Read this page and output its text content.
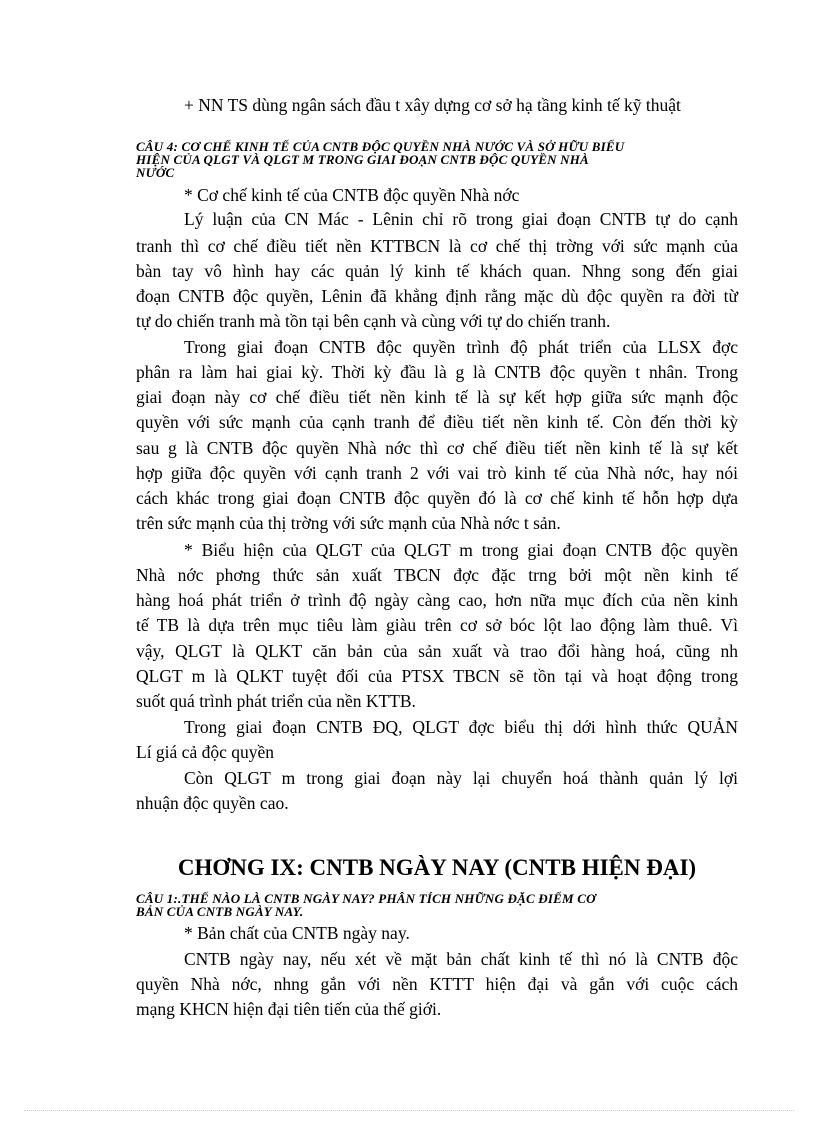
+ NN TS dùng ngân sách đầu t xây dựng cơ sở hạ tầng kinh tế kỹ thuật
CÂU 4: CƠ CHẾ KINH TẾ CỦA CNTB ĐỘC QUYỀN NHÀ NƯỚC VÀ SỞ HỮU BIỂU
HIỆN CỦA QLGT VÀ QLGT M TRONG GIAI ĐOẠN CNTB ĐỘC QUYỀN NHÀ
NƯỚC
* Cơ chế kinh tế của CNTB độc quyền Nhà nớc
Lý luận của CN Mác - Lênin chỉ rõ trong giai đoạn CNTB tự do cạnh
tranh thì cơ chế điều tiết nền KTTBCN là cơ chế thị trờng với sức mạnh của
bàn tay vô hình hay các quản lý kinh tế khách quan. Nhng song đến giai
đoạn CNTB độc quyền, Lênin đã khẳng định rằng mặc dù độc quyền ra đời từ
tự do chiến tranh mà tồn tại bên cạnh và cùng với tự do chiến tranh.
Trong giai đoạn CNTB độc quyền trình độ phát triển của LLSX đợc
phân ra làm hai giai kỳ. Thời kỳ đầu là g là CNTB độc quyền t nhân. Trong
giai đoạn này cơ chế điều tiết nền kinh tế là sự kết hợp giữa sức mạnh độc
quyền với sức mạnh của cạnh tranh để điều tiết nền kinh tế. Còn đến thời kỳ
sau g là CNTB độc quyền Nhà nớc thì cơ chế điều tiết nền kinh tế là sự kết
hợp giữa độc quyền với cạnh tranh 2 với vai trò kinh tế của Nhà nớc, hay nói
cách khác trong giai đoạn CNTB độc quyền đó là cơ chế kinh tế hỗn hợp dựa
trên sức mạnh của thị trờng với sức mạnh của Nhà nớc t sản.
* Biểu hiện của QLGT của QLGT m trong giai đoạn CNTB độc quyền
Nhà nớc phơng thức sản xuất TBCN đợc đặc trng bởi một nền kinh tế
hàng hoá phát triển ở trình độ ngày càng cao, hơn nữa mục đích của nền kinh
tế TB là dựa trên mục tiêu làm giàu trên cơ sở bóc lột lao động làm thuê. Vì
vậy, QLGT là QLKT căn bản của sản xuất và trao đổi hàng hoá, cũng nh
QLGT m là QLKT tuyệt đối của PTSX TBCN sẽ tồn tại và hoạt động trong
suốt quá trình phát triển của nền KTTB.
Trong giai đoạn CNTB ĐQ, QLGT đợc biểu thị dới hình thức QUẢN
Lí giá cả độc quyền
Còn QLGT m trong giai đoạn này lại chuyển hoá thành quản lý lợi
nhuận độc quyền cao.
CHƠNG IX: CNTB NGÀY NAY (CNTB HIỆN ĐẠI)
CÂU 1:.THẾ NÀO LÀ CNTB NGÀY NAY? PHÂN TÍCH NHỮNG ĐẶC ĐIỂM CƠ
BẢN CỦA CNTB NGÀY NAY.
* Bản chất của CNTB ngày nay.
CNTB ngày nay, nếu xét về mặt bản chất kinh tế thì nó là CNTB độc
quyền Nhà nớc, nhng gắn với nền KTTT hiện đại và gắn với cuộc cách
mạng KHCN hiện đại tiên tiến của thế giới.
